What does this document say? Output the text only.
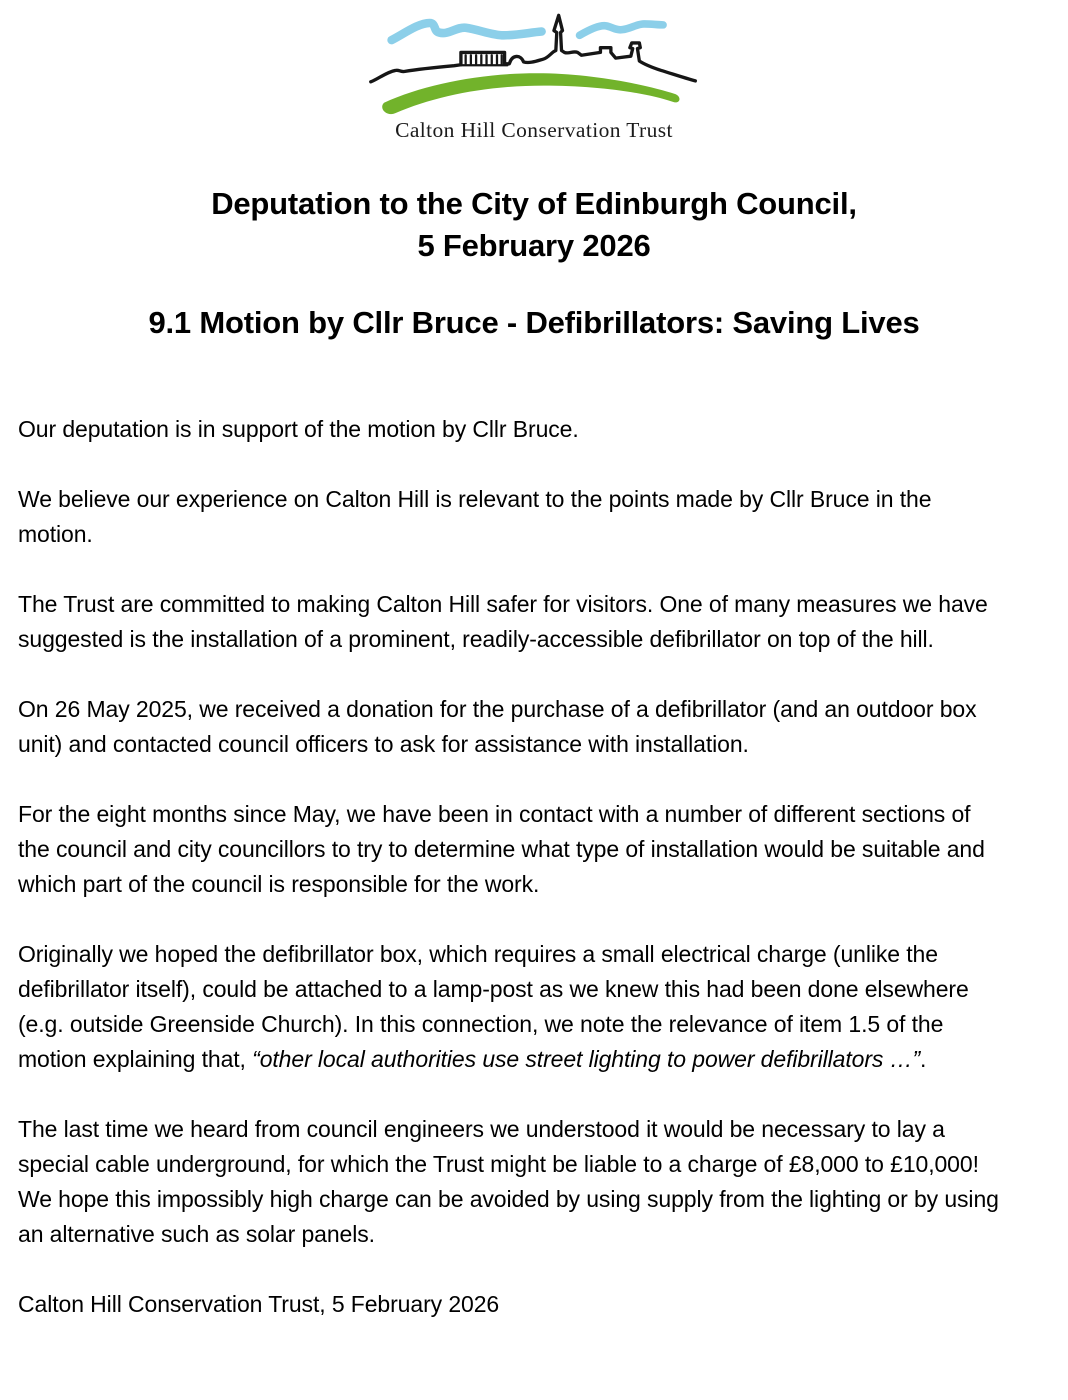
Calton Hill Conservation Trust
Deputation to the City of Edinburgh Council,
5 February 2026
9.1 Motion by Cllr Bruce - Defibrillators: Saving Lives

Our deputation is in support of the motion by Cllr Bruce.

We believe our experience on Calton Hill is relevant to the points made by Cllr Bruce in the motion.

The Trust are committed to making Calton Hill safer for visitors. One of many measures we have suggested is the installation of a prominent, readily-accessible defibrillator on top of the hill.

On 26 May 2025, we received a donation for the purchase of a defibrillator (and an outdoor box unit) and contacted council officers to ask for assistance with installation.

For the eight months since May, we have been in contact with a number of different sections of the council and city councillors to try to determine what type of installation would be suitable and which part of the council is responsible for the work.

Originally we hoped the defibrillator box, which requires a small electrical charge (unlike the defibrillator itself), could be attached to a lamp-post as we knew this had been done elsewhere (e.g. outside Greenside Church). In this connection, we note the relevance of item 1.5 of the motion explaining that, “other local authorities use street lighting to power defibrillators …”.

The last time we heard from council engineers we understood it would be necessary to lay a special cable underground, for which the Trust might be liable to a charge of £8,000 to £10,000! We hope this impossibly high charge can be avoided by using supply from the lighting or by using an alternative such as solar panels.

Calton Hill Conservation Trust, 5 February 2026
